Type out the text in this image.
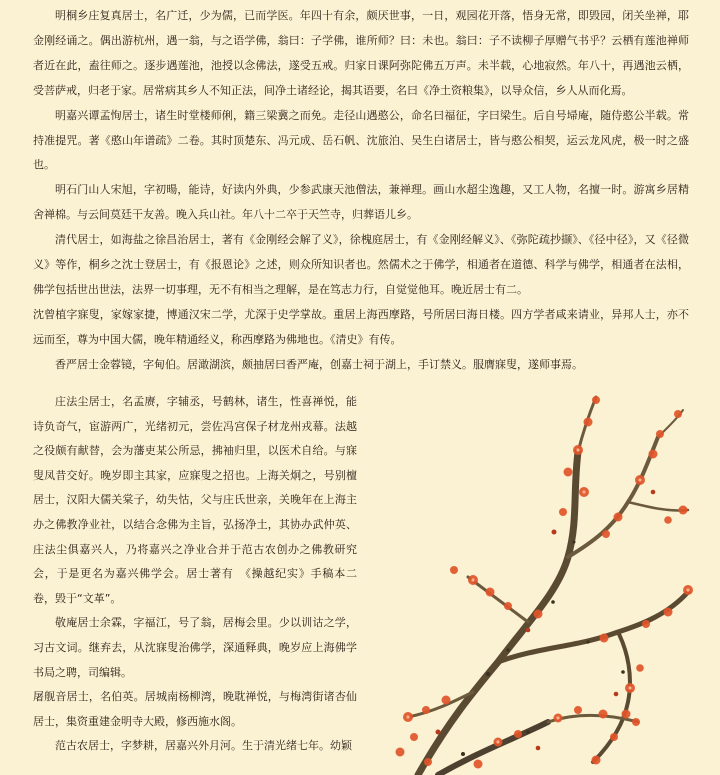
明桐乡庄复真居士，名广迁，少为儒，已而学医。年四十有余，颇厌世事，一日，观园花开落，悟身无常，即毁园，闭关坐禅，耶金刚经诵之。偶出游杭州，遇一翁，与之语学佛，翁曰：子学佛，谁所师？曰：未也。翁曰：子不读柳子厚赠气书乎？云栖有莲池禅师者近在此，盍往师之。逐步遇莲池，池授以念佛法，遂受五戒。归家日课阿弥陀佛五万声。未半载，心地寂然。年八十，再遇池云栖，受菩萨戒，归老于家。居常病其乡人不知正法，间净土诸经论，揭其语要，名曰《净土资粮集》，以导众信，乡人从而化焉。

明嘉兴谭孟恂居士，诸生时堂楼师俐，籍三梁冀之而免。走径山遇憨公，命名曰福征，字曰梁生。后自号埽庵，随侍憨公半载。常持准提咒。著《憨山年谱疏》二卷。其时顶楚东、冯元成、岳石帆、沈旅泊、吴生白诸居士，皆与憨公相契，运云龙风虎，极一时之盛也。

明石门山人宋旭，字初暘，能诗，好读内外典，少参武康天池僧法，兼禅理。画山水超尘逸趣，又工人物，名擅一时。游寓乡居精舍禅棉。与云间莫廷干友善。晚入兵山社。年八十二卒于天竺寺，归葬语儿乡。

清代居士，如海盐之徐昌治居士，著有《金刚经会解了义》，徐槐庭居士，有《金刚经解义》、《弥陀疏抄撷》、《径中径》，又《径微义》等作，桐乡之沈士登居士，有《报恩论》之述，则众所知识者也。然儒术之于佛学，相通者在道德、科学与佛学，相通者在法相，佛学包括世出世法，法界一切事理，无不有相当之理解，是在笃志力行，自觉觉他耳。晚近居士有二。

沈曾植字寐叟，家嫁家捷，博通汉宋二学，尤深于史学掌故。重居上海西摩路，号所居曰海日楼。四方学者咸来请业，异邦人士，亦不远而至，尊为中国大儒，晚年精通经义，称西摩路为佛地也。《清史》有传。

香严居士金蓉镜，字甸伯。居澉湖滨，颇抽居曰香严庵，创嘉士祠于湖上，手订禁义。服膺寐叟，遂师事焉。

庄法尘居士，名孟赓，字辅丞，号鹤林，诸生，性喜禅悦，能诗负奇气，宦游两广，光绪初元，尝佐冯宫保子材龙州戎幕。法越之役颇有献替，会为藩吏某公所忌，拂袖归里，以医术自给。与寐叟凤昔交好。晚岁即主其家，应寐叟之招也。上海关炯之，号别檀居士，汉阳大儒关棠子，幼失怙，父与庄氏世亲，关晚年在上海主办之佛教净业社，以结合念佛为主旨，弘扬净土，其协办武仲英、庄法尘俱嘉兴人，乃将嘉兴之净业合并于范古农创办之佛教研究会，于是更名为嘉兴佛学会。居士著有　《操越纪实》手稿本二卷，毁于“文革”。

敬庵居士余霖，字福江，号了翁，居梅会里。少以训诂之学，习古文词。继弃去，从沈寐叟治佛学，深通释典，晚岁应上海佛学书局之聘，司编辑。

屠舰音居士，名伯英。居城南杨柳湾，晚耽禅悦，与梅湾街诸杏仙居士，集资重建金明寺大殿，修西施水阁。

范古农居士，字梦耕，居嘉兴外月河。生于清光绪七年。幼颖
